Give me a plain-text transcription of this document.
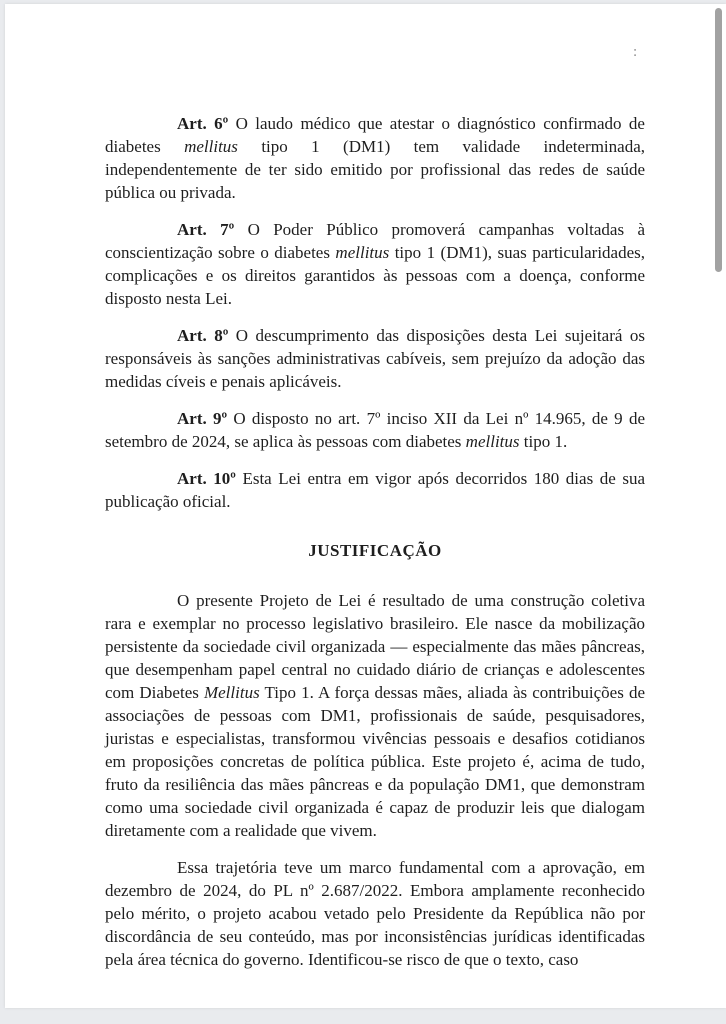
:

Art. 6º O laudo médico que atestar o diagnóstico confirmado de diabetes mellitus tipo 1 (DM1) tem validade indeterminada, independentemente de ter sido emitido por profissional das redes de saúde pública ou privada.

Art. 7º O Poder Público promoverá campanhas voltadas à conscientização sobre o diabetes mellitus tipo 1 (DM1), suas particularidades, complicações e os direitos garantidos às pessoas com a doença, conforme disposto nesta Lei.

Art. 8º O descumprimento das disposições desta Lei sujeitará os responsáveis às sanções administrativas cabíveis, sem prejuízo da adoção das medidas cíveis e penais aplicáveis.

Art. 9º O disposto no art. 7º inciso XII da Lei nº 14.965, de 9 de setembro de 2024, se aplica às pessoas com diabetes mellitus tipo 1.

Art. 10º Esta Lei entra em vigor após decorridos 180 dias de sua publicação oficial.

JUSTIFICAÇÃO

O presente Projeto de Lei é resultado de uma construção coletiva rara e exemplar no processo legislativo brasileiro. Ele nasce da mobilização persistente da sociedade civil organizada — especialmente das mães pâncreas, que desempenham papel central no cuidado diário de crianças e adolescentes com Diabetes Mellitus Tipo 1. A força dessas mães, aliada às contribuições de associações de pessoas com DM1, profissionais de saúde, pesquisadores, juristas e especialistas, transformou vivências pessoais e desafios cotidianos em proposições concretas de política pública. Este projeto é, acima de tudo, fruto da resiliência das mães pâncreas e da população DM1, que demonstram como uma sociedade civil organizada é capaz de produzir leis que dialogam diretamente com a realidade que vivem.

Essa trajetória teve um marco fundamental com a aprovação, em dezembro de 2024, do PL nº 2.687/2022. Embora amplamente reconhecido pelo mérito, o projeto acabou vetado pelo Presidente da República não por discordância de seu conteúdo, mas por inconsistências jurídicas identificadas pela área técnica do governo. Identificou-se risco de que o texto, caso
